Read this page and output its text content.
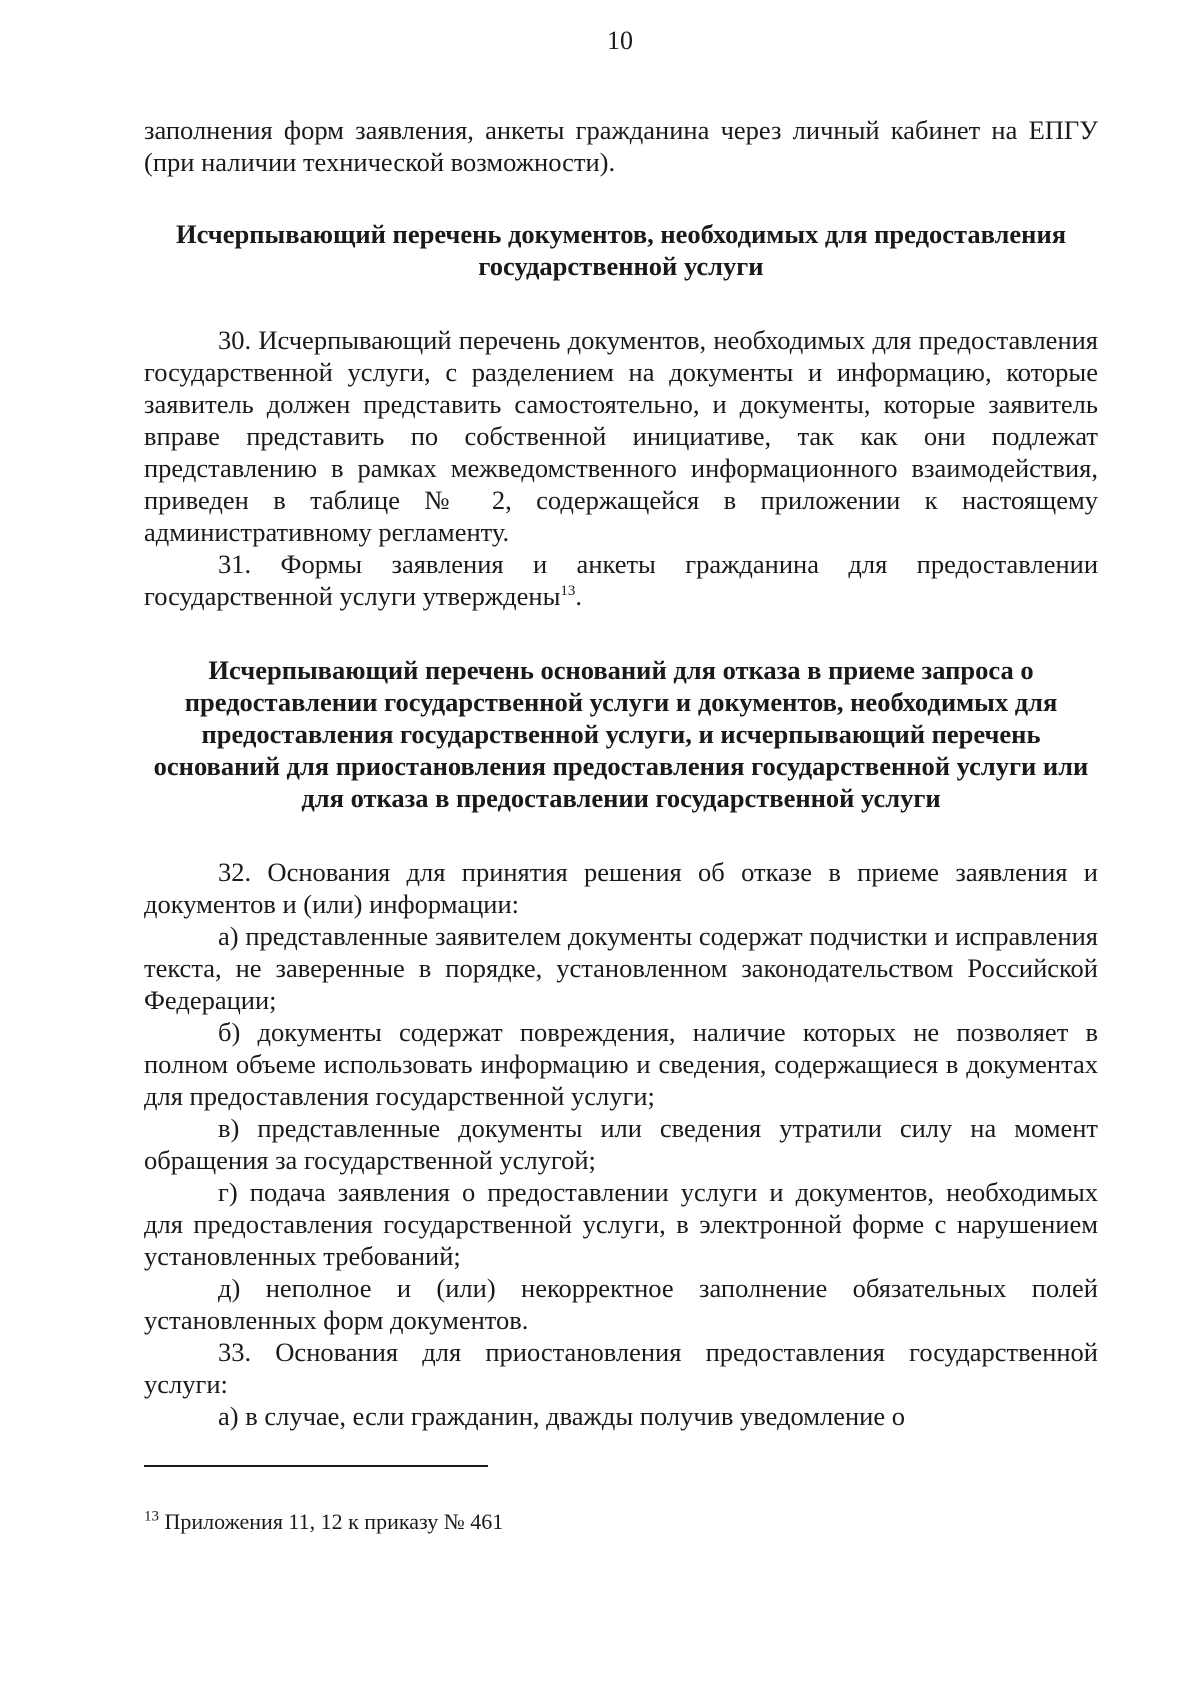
10

заполнения форм заявления, анкеты гражданина через личный кабинет на ЕПГУ (при наличии технической возможности).

Исчерпывающий перечень документов, необходимых для предоставления государственной услуги

30. Исчерпывающий перечень документов, необходимых для предоставления государственной услуги, с разделением на документы и информацию, которые заявитель должен представить самостоятельно, и документы, которые заявитель вправе представить по собственной инициативе, так как они подлежат представлению в рамках межведомственного информационного взаимодействия, приведен в таблице № 2, содержащейся в приложении к настоящему административному регламенту.

31. Формы заявления и анкеты гражданина для предоставлении государственной услуги утверждены$^{13}$.

Исчерпывающий перечень оснований для отказа в приеме запроса о предоставлении государственной услуги и документов, необходимых для предоставления государственной услуги, и исчерпывающий перечень оснований для приостановления предоставления государственной услуги или для отказа в предоставлении государственной услуги

32. Основания для принятия решения об отказе в приеме заявления и документов и (или) информации:

а) представленные заявителем документы содержат подчистки и исправления текста, не заверенные в порядке, установленном законодательством Российской Федерации;

б) документы содержат повреждения, наличие которых не позволяет в полном объеме использовать информацию и сведения, содержащиеся в документах для предоставления государственной услуги;

в) представленные документы или сведения утратили силу на момент обращения за государственной услугой;

г) подача заявления о предоставлении услуги и документов, необходимых для предоставления государственной услуги, в электронной форме с нарушением установленных требований;

д) неполное и (или) некорректное заполнение обязательных полей установленных форм документов.

33. Основания для приостановления предоставления государственной услуги:

а) в случае, если гражданин, дважды получив уведомление о

$^{13}$ Приложения 11, 12 к приказу № 461
